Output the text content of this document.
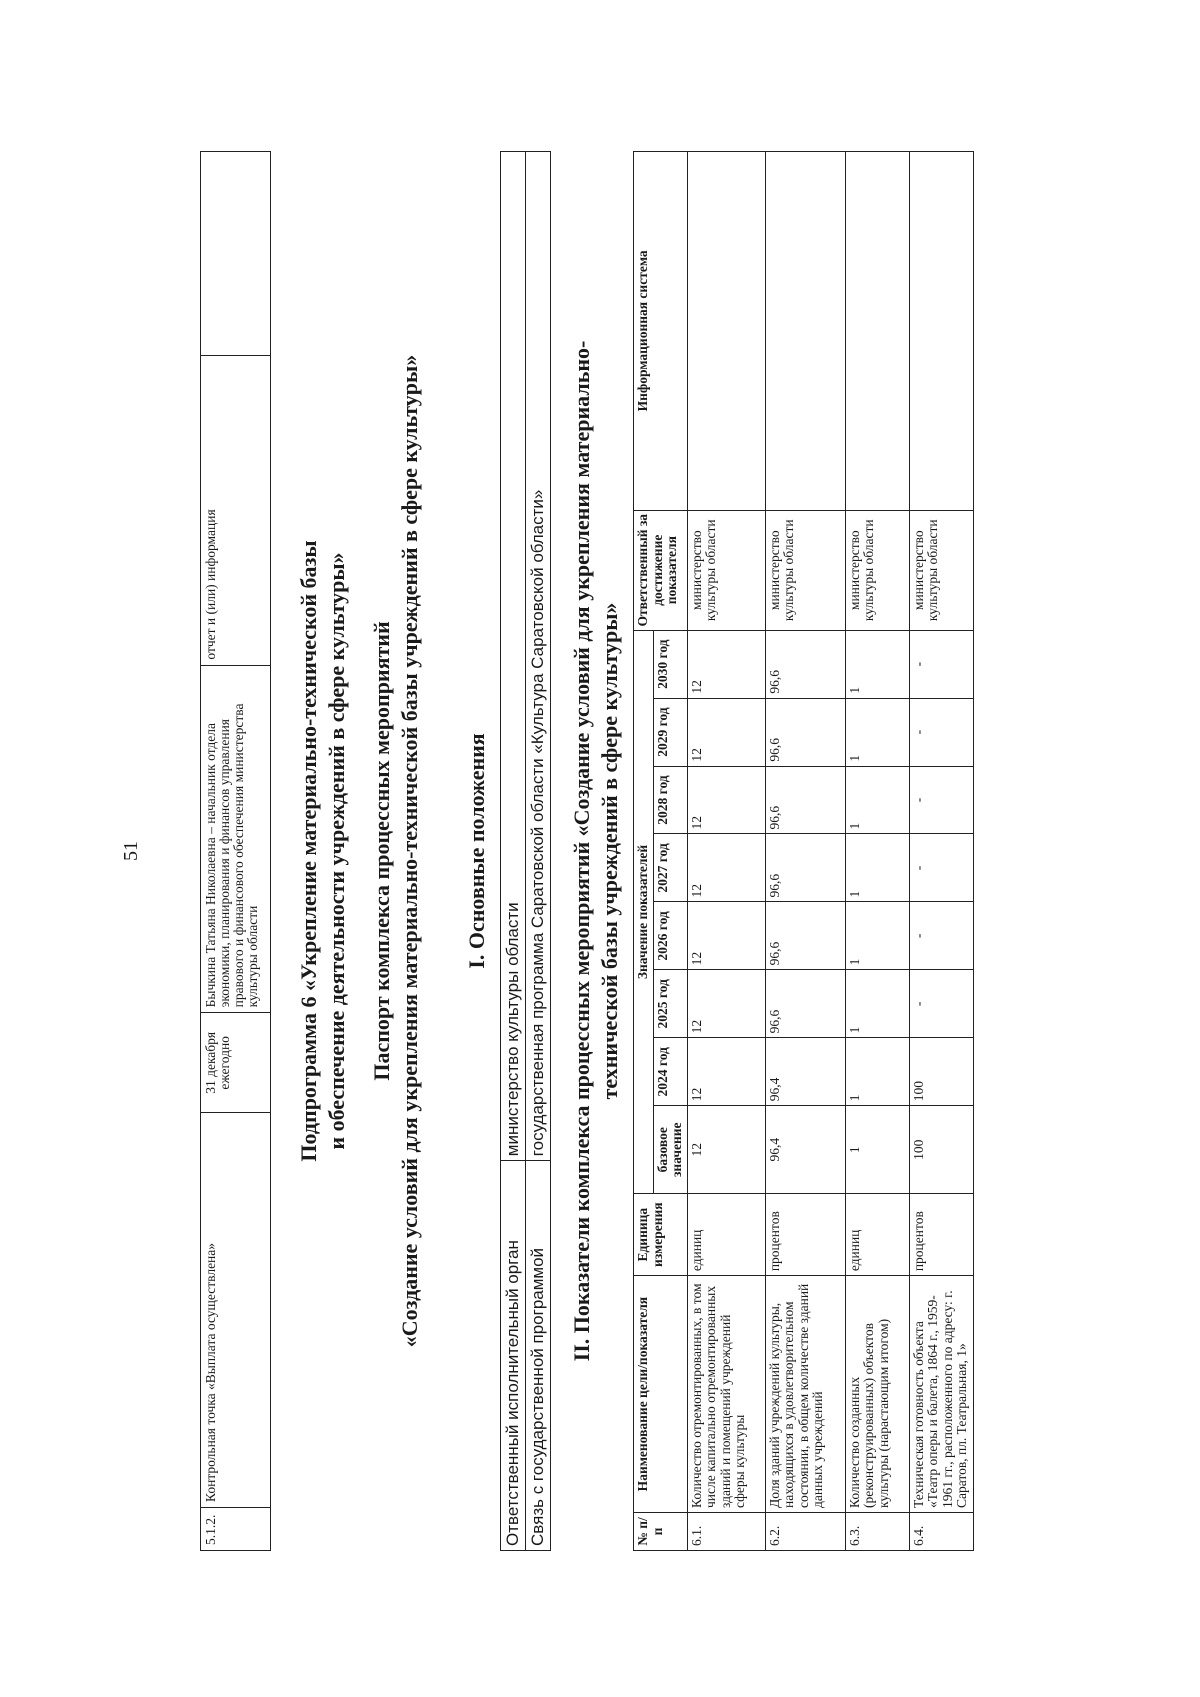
51
5.1.2.	Контрольная точка «Выплата осуществлена»	31 декабря ежегодно	Бычкина Татьяна Николаевна – начальник отдела экономики, планирования и финансов управления правового и финансового обеспечения министерства культуры области	отчет и (или) информация		Подпрограмма 6 «Укрепление материально-технической базы и обеспечение деятельности учреждений в сфере культуры» Паспорт комплекса процессных мероприятий «Создание условий для укрепления материально-технической базы учреждений в сфере культуры» I. Основные положения
Ответственный исполнительный орган	министерство культуры области
Связь с государственной программой	государственная программа Саратовской области «Культура Саратовской области» II. Показатели комплекса процессных мероприятий «Создание условий для укрепления материально- технической базы учреждений в сфере культуры»
№ п/п	Наименование цели/показателя	Единица измерения	Значение показателей								Ответственный за достижение показателя	Информационная система
			базовое значение	2024 год	2025 год	2026 год	2027 год	2028 год	2029 год	2030 год		
6.1.	Количество отремонтированных, в том числе капитально отремонтированных зданий и помещений учреждений сферы культуры	единиц	12	12	12	12	12	12	12	12	министерство культуры области	
6.2.	Доля зданий учреждений культуры, находящихся в удовлетворительном состоянии, в общем количестве зданий данных учреждений	процентов	96,4	96,4	96,6	96,6	96,6	96,6	96,6	96,6	министерство культуры области	
6.3.	Количество созданных (реконструированных) объектов культуры (нарастающим итогом)	единиц	1	1	1	1	1	1	1	1	министерство культуры области	
6.4.	Техническая готовность объекта «Театр оперы и балета, 1864 г., 1959-1961 гг., расположенного по адресу: г. Саратов, пл. Театральная, 1»	процентов	100	100	-	-	-	-	-	-	министерство культуры области	
